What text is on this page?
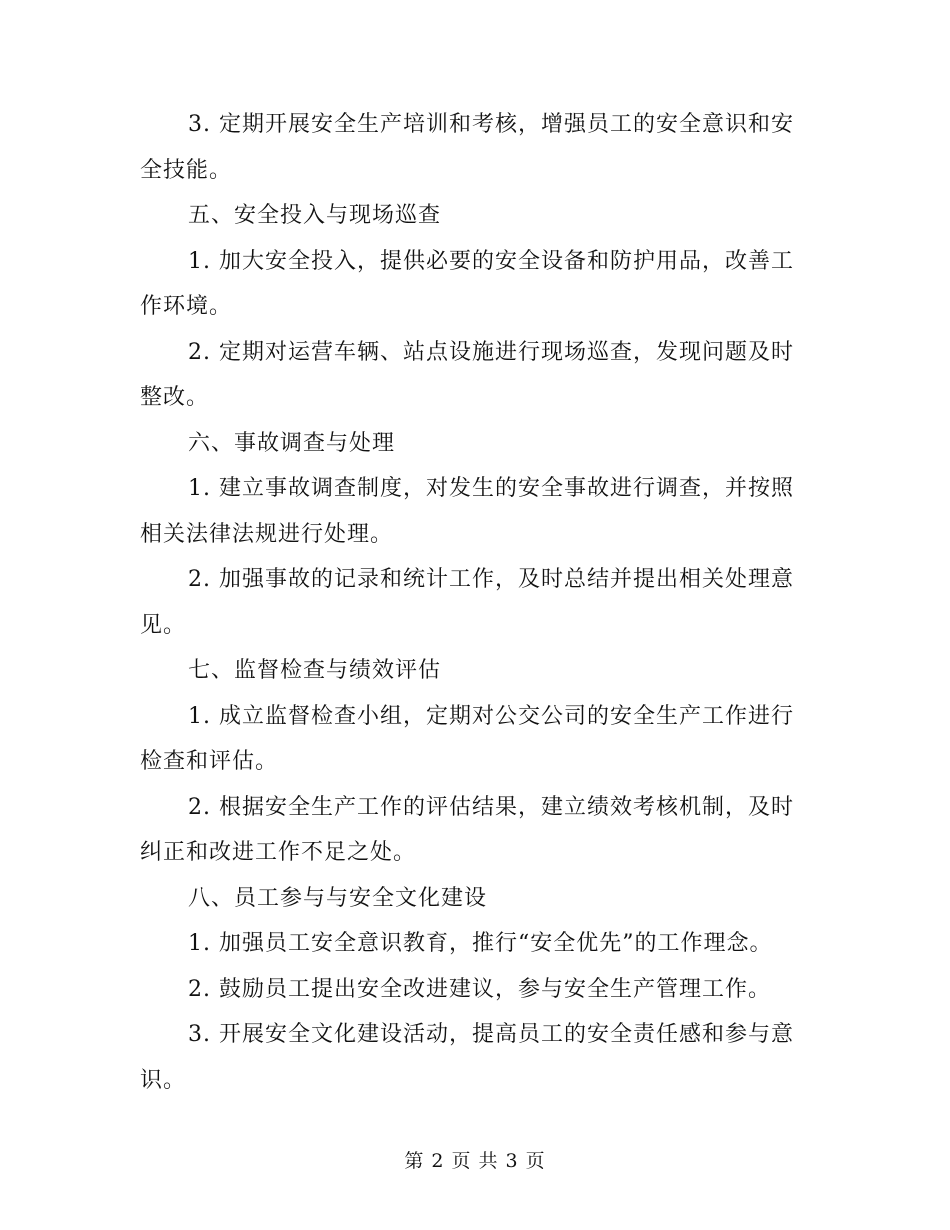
3. 定期开展安全生产培训和考核，增强员工的安全意识和安全技能。

五、安全投入与现场巡查

1. 加大安全投入，提供必要的安全设备和防护用品，改善工作环境。

2. 定期对运营车辆、站点设施进行现场巡查，发现问题及时整改。

六、事故调查与处理

1. 建立事故调查制度，对发生的安全事故进行调查，并按照相关法律法规进行处理。

2. 加强事故的记录和统计工作，及时总结并提出相关处理意见。

七、监督检查与绩效评估

1. 成立监督检查小组，定期对公交公司的安全生产工作进行检查和评估。

2. 根据安全生产工作的评估结果，建立绩效考核机制，及时纠正和改进工作不足之处。

八、员工参与与安全文化建设

1. 加强员工安全意识教育，推行“安全优先”的工作理念。

2. 鼓励员工提出安全改进建议，参与安全生产管理工作。

3. 开展安全文化建设活动，提高员工的安全责任感和参与意识。

第 2 页 共 3 页
